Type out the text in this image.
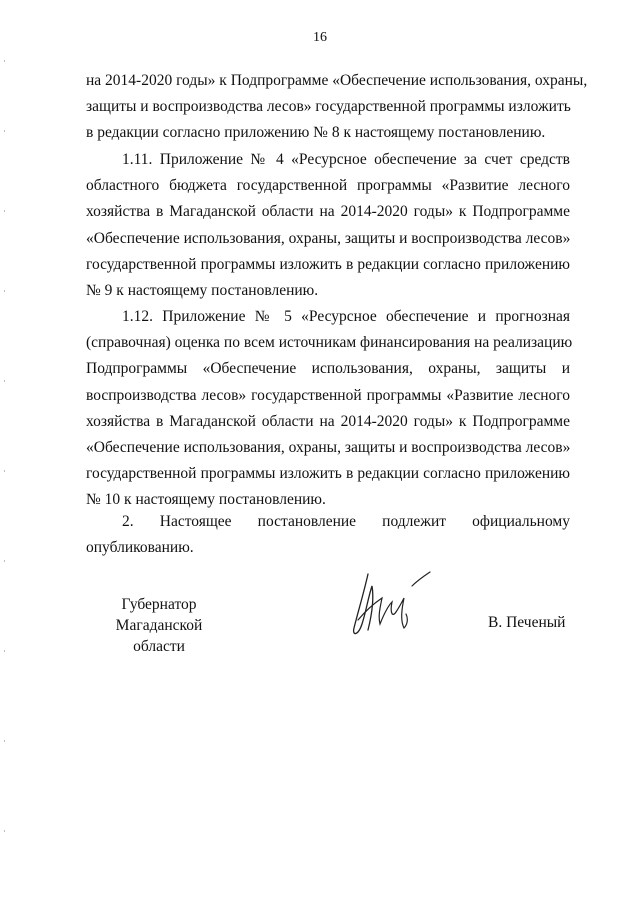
16

на 2014-2020 годы» к Подпрограмме «Обеспечение использования, охраны,
защиты и воспроизводства лесов» государственной программы изложить
в редакции согласно приложению № 8 к настоящему постановлению.

1.11. Приложение № 4 «Ресурсное обеспечение за счет средств
областного бюджета государственной программы «Развитие лесного
хозяйства в Магаданской области на 2014-2020 годы» к Подпрограмме
«Обеспечение использования, охраны, защиты и воспроизводства лесов»
государственной программы изложить в редакции согласно приложению
№ 9 к настоящему постановлению.

1.12. Приложение № 5 «Ресурсное обеспечение и прогнозная
(справочная) оценка по всем источникам финансирования на реализацию
Подпрограммы «Обеспечение использования, охраны, защиты и
воспроизводства лесов» государственной программы «Развитие лесного
хозяйства в Магаданской области на 2014-2020 годы» к Подпрограмме
«Обеспечение использования, охраны, защиты и воспроизводства лесов»
государственной программы изложить в редакции согласно приложению
№ 10 к настоящему постановлению.

2. Настоящее постановление подлежит официальному
опубликованию.

Губернатор
Магаданской области
В. Печеный
